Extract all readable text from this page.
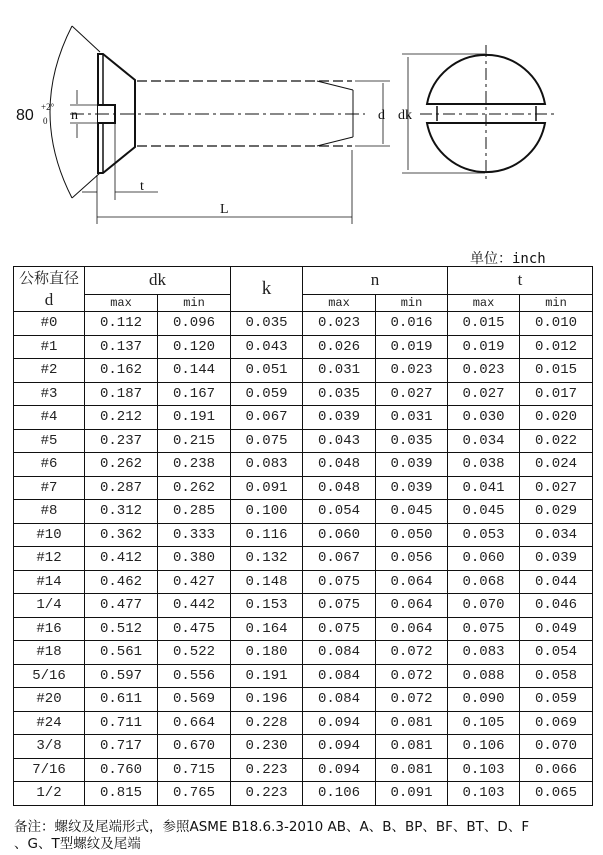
80 +2°
0 n
t
L
d dk
单位：inch
公称直径
d	dk		k	n		t	
	max	min		max	min	max	min
#0	0.112	0.096	0.035	0.023	0.016	0.015	0.010
#1	0.137	0.120	0.043	0.026	0.019	0.019	0.012
#2	0.162	0.144	0.051	0.031	0.023	0.023	0.015
#3	0.187	0.167	0.059	0.035	0.027	0.027	0.017
#4	0.212	0.191	0.067	0.039	0.031	0.030	0.020
#5	0.237	0.215	0.075	0.043	0.035	0.034	0.022
#6	0.262	0.238	0.083	0.048	0.039	0.038	0.024
#7	0.287	0.262	0.091	0.048	0.039	0.041	0.027
#8	0.312	0.285	0.100	0.054	0.045	0.045	0.029
#10	0.362	0.333	0.116	0.060	0.050	0.053	0.034
#12	0.412	0.380	0.132	0.067	0.056	0.060	0.039
#14	0.462	0.427	0.148	0.075	0.064	0.068	0.044
1/4	0.477	0.442	0.153	0.075	0.064	0.070	0.046
#16	0.512	0.475	0.164	0.075	0.064	0.075	0.049
#18	0.561	0.522	0.180	0.084	0.072	0.083	0.054
5/16	0.597	0.556	0.191	0.084	0.072	0.088	0.058
#20	0.611	0.569	0.196	0.084	0.072	0.090	0.059
#24	0.711	0.664	0.228	0.094	0.081	0.105	0.069
3/8	0.717	0.670	0.230	0.094	0.081	0.106	0.070
7/16	0.760	0.715	0.223	0.094	0.081	0.103	0.066
1/2	0.815	0.765	0.223	0.106	0.091	0.103	0.065
备注：螺纹及尾端形式，参照ASME B18.6.3-2010 AB、A、B、BP、BF、BT、D、F
、G、T型螺纹及尾端
